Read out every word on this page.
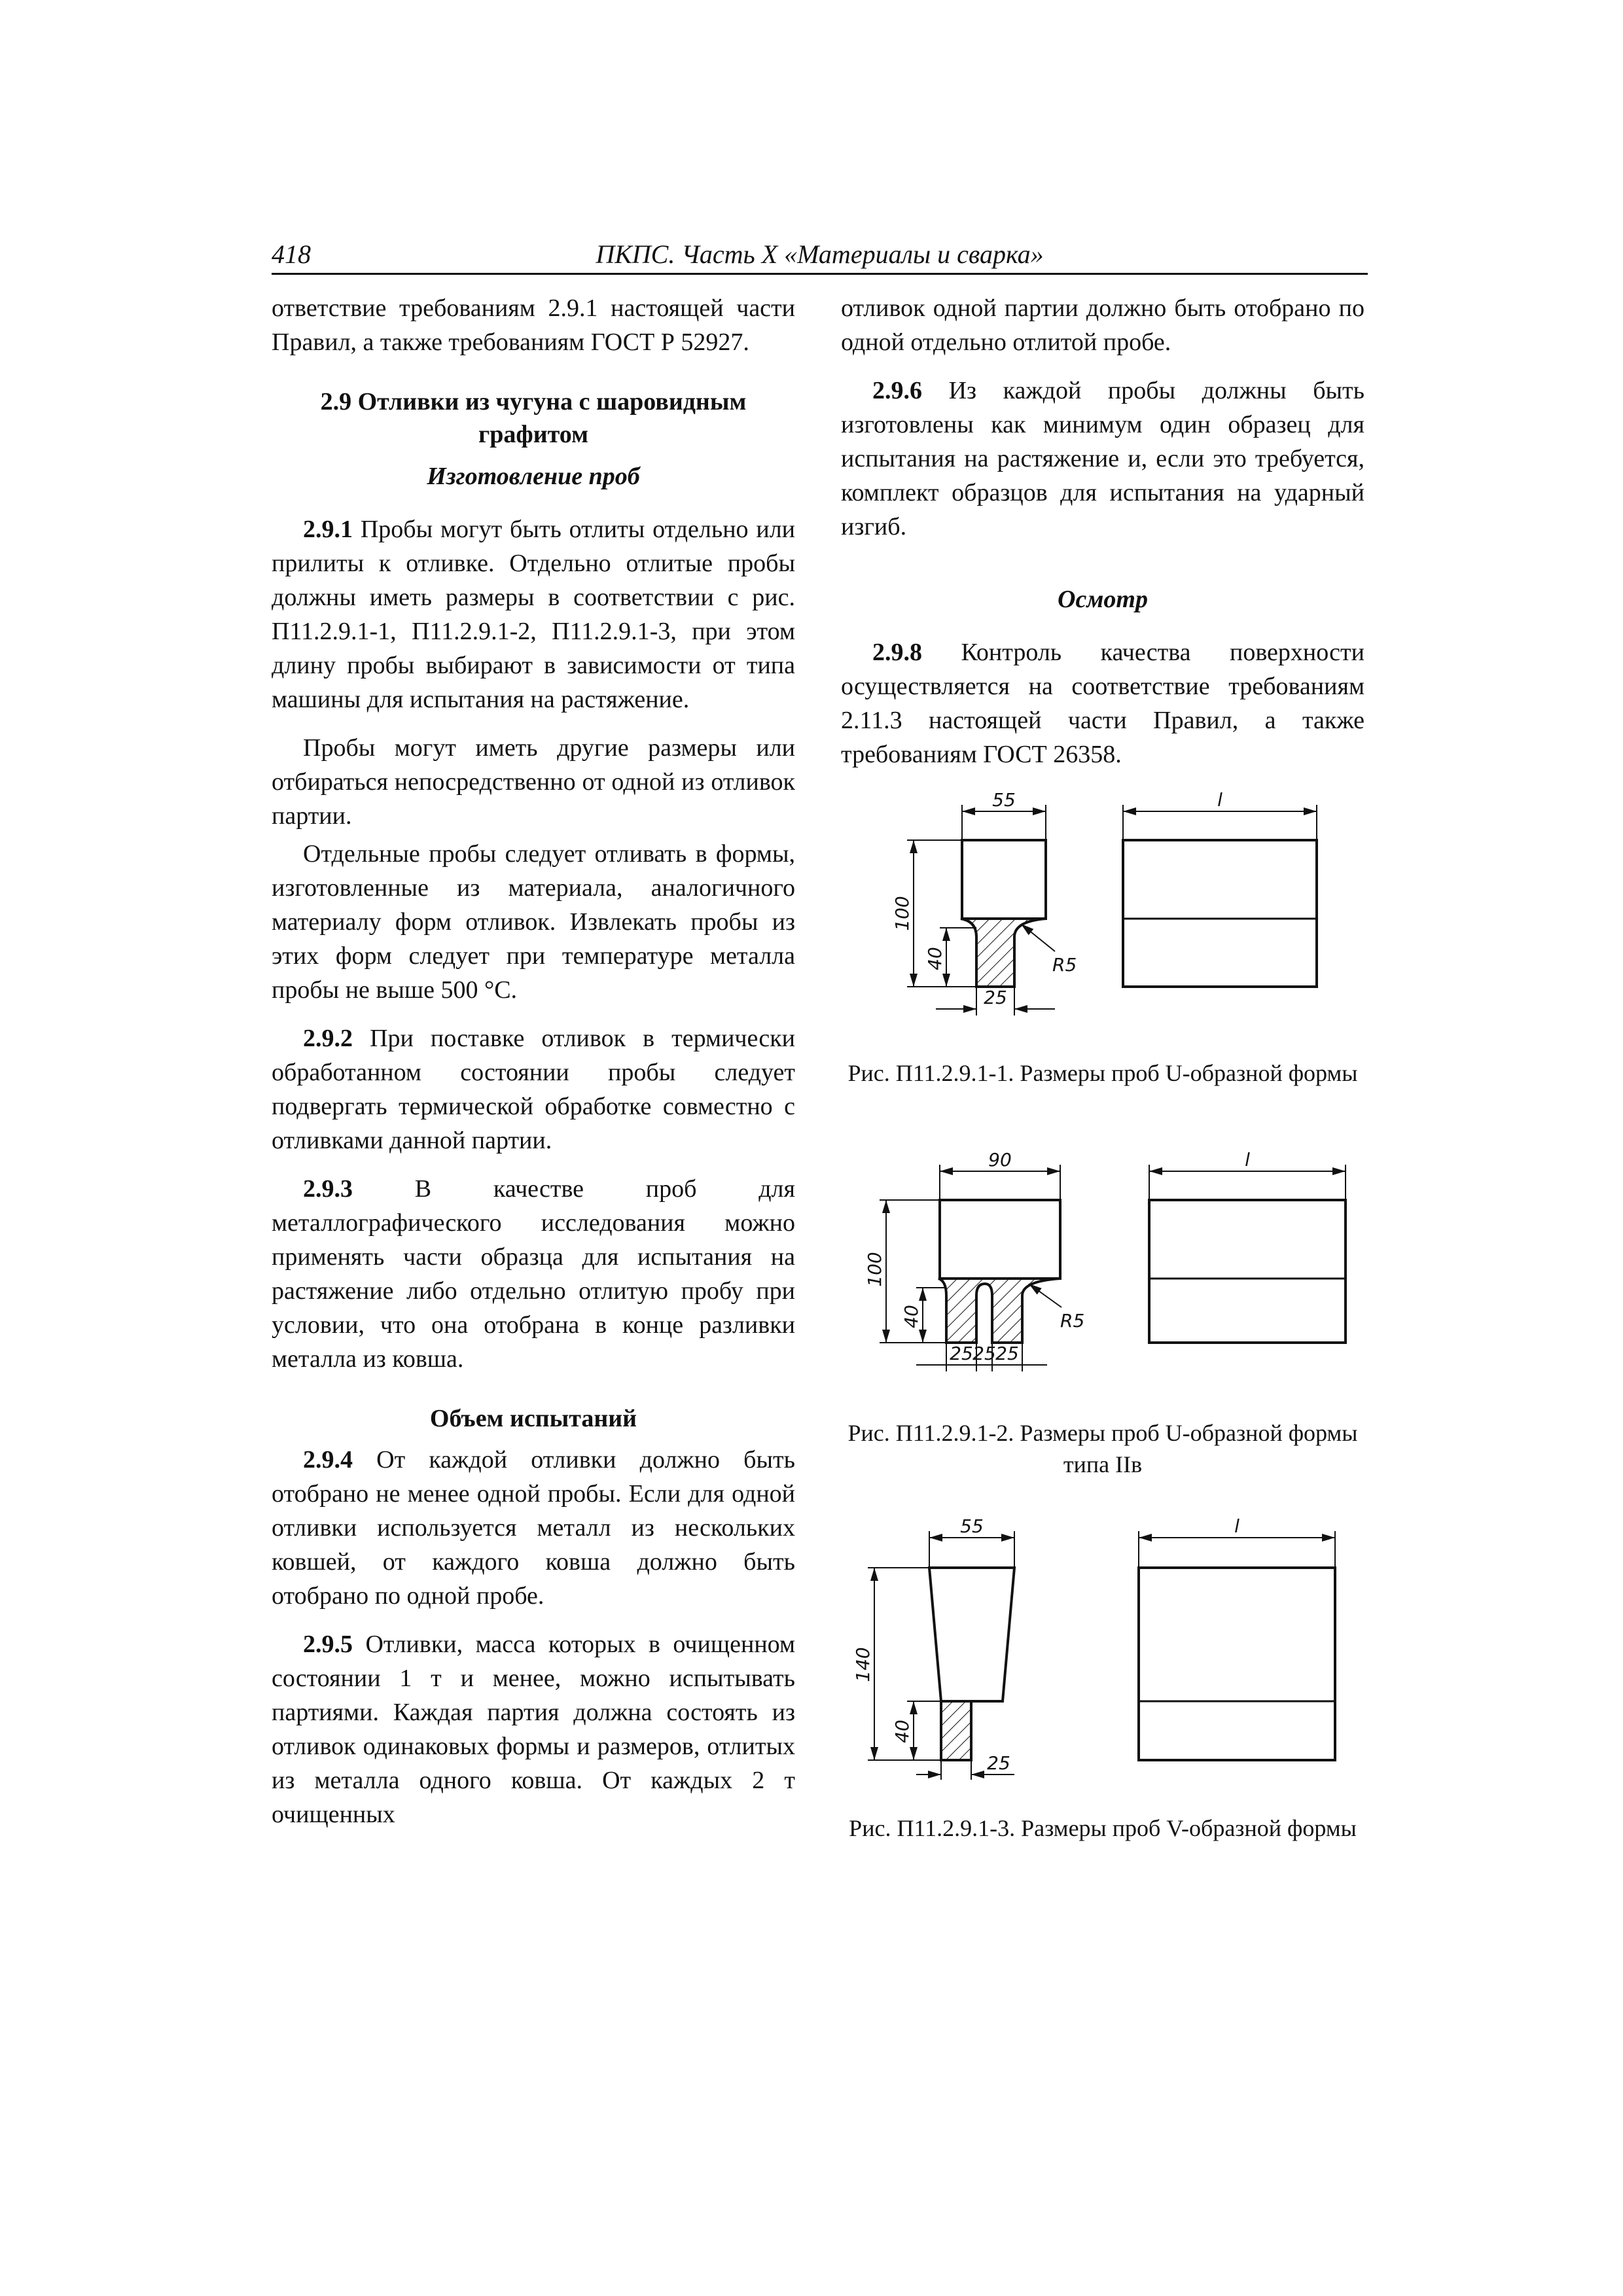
418	ПКПС. Часть X «Материалы и сварка»

ответствие требованиям 2.9.1 настоящей части Правил, а также требованиям ГОСТ Р 52927.

2.9 Отливки из чугуна с шаровидным графитом
Изготовление проб

2.9.1 Пробы могут быть отлиты отдельно или прилиты к отливке. Отдельно отлитые пробы должны иметь размеры в соответствии с рис. П11.2.9.1-1, П11.2.9.1-2, П11.2.9.1-3, при этом длину пробы выбирают в зависимости от типа машины для испытания на растяжение.

Пробы могут иметь другие размеры или отбираться непосредственно от одной из отливок партии.

Отдельные пробы следует отливать в формы, изготовленные из материала, аналогичного материалу форм отливок. Извлекать пробы из этих форм следует при температуре металла пробы не выше 500 °С.

2.9.2 При поставке отливок в термически обработанном состоянии пробы следует подвергать термической обработке совместно с отливками данной партии.

2.9.3 В качестве проб для металлографического исследования можно применять части образца для испытания на растяжение либо отдельно отлитую пробу при условии, что она отобрана в конце разливки металла из ковша.

Объем испытаний

2.9.4 От каждой отливки должно быть отобрано не менее одной пробы. Если для одной отливки используется металл из нескольких ковшей, от каждого ковша должно быть отобрано по одной пробе.

2.9.5 Отливки, масса которых в очищенном состоянии 1 т и менее, можно испытывать партиями. Каждая партия должна состоять из отливок одинаковых формы и размеров, отлитых из металла одного ковша. От каждых 2 т очищенных

отливок одной партии должно быть отобрано по одной отдельно отлитой пробе.

2.9.6 Из каждой пробы должны быть изготовлены как минимум один образец для испытания на растяжение и, если это требуется, комплект образцов для испытания на ударный изгиб.

Осмотр

2.9.8 Контроль качества поверхности осуществляется на соответствие требованиям 2.11.3 настоящей части Правил, а также требованиям ГОСТ 26358.

55
100
40
25
R5
l
Рис. П11.2.9.1-1. Размеры проб U-образной формы
90
100
40
25 25 25
R5
l
Рис. П11.2.9.1-2. Размеры проб U-образной формы типа IIв
55
140
40
25
l
Рис. П11.2.9.1-3. Размеры проб V-образной формы
